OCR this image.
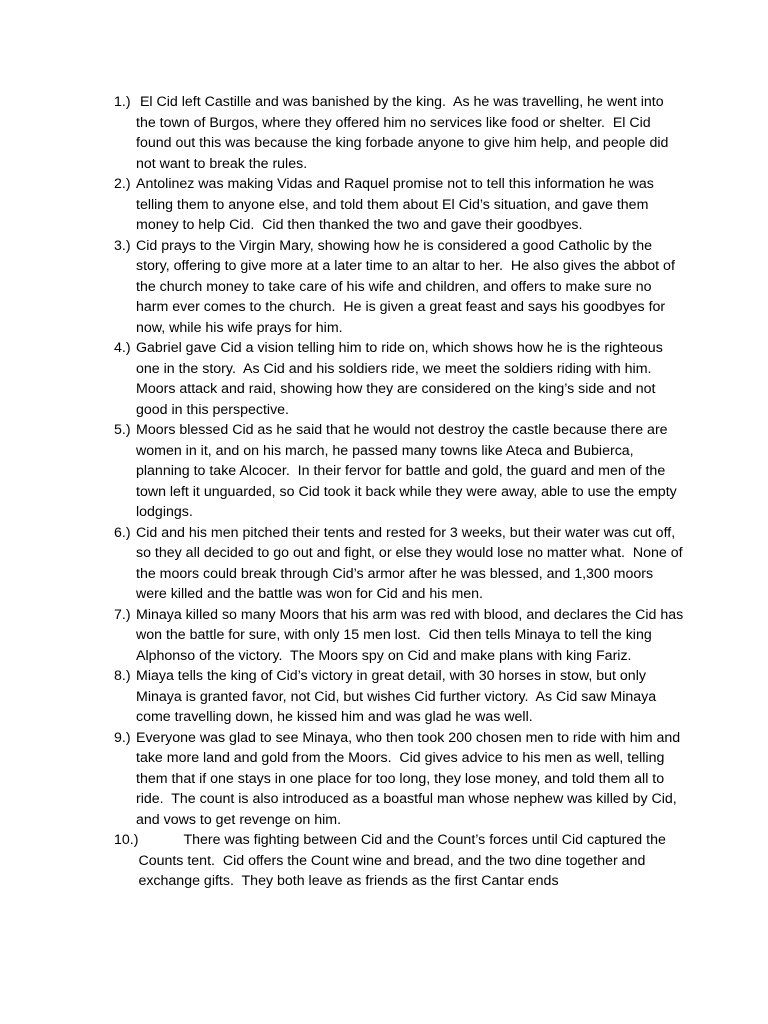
1.) El Cid left Castille and was banished by the king.  As he was travelling, he went into the town of Burgos, where they offered him no services like food or shelter.  El Cid found out this was because the king forbade anyone to give him help, and people did not want to break the rules.
2.) Antolinez was making Vidas and Raquel promise not to tell this information he was telling them to anyone else, and told them about El Cid’s situation, and gave them money to help Cid.  Cid then thanked the two and gave their goodbyes.
3.) Cid prays to the Virgin Mary, showing how he is considered a good Catholic by the story, offering to give more at a later time to an altar to her.  He also gives the abbot of the church money to take care of his wife and children, and offers to make sure no harm ever comes to the church.  He is given a great feast and says his goodbyes for now, while his wife prays for him.
4.) Gabriel gave Cid a vision telling him to ride on, which shows how he is the righteous one in the story.  As Cid and his soldiers ride, we meet the soldiers riding with him.  Moors attack and raid, showing how they are considered on the king’s side and not good in this perspective.
5.) Moors blessed Cid as he said that he would not destroy the castle because there are women in it, and on his march, he passed many towns like Ateca and Bubierca, planning to take Alcocer.  In their fervor for battle and gold, the guard and men of the town left it unguarded, so Cid took it back while they were away, able to use the empty lodgings.
6.) Cid and his men pitched their tents and rested for 3 weeks, but their water was cut off, so they all decided to go out and fight, or else they would lose no matter what.  None of the moors could break through Cid’s armor after he was blessed, and 1,300 moors were killed and the battle was won for Cid and his men.
7.) Minaya killed so many Moors that his arm was red with blood, and declares the Cid has won the battle for sure, with only 15 men lost.  Cid then tells Minaya to tell the king Alphonso of the victory.  The Moors spy on Cid and make plans with king Fariz.
8.) Miaya tells the king of Cid’s victory in great detail, with 30 horses in stow, but only Minaya is granted favor, not Cid, but wishes Cid further victory.  As Cid saw Minaya come travelling down, he kissed him and was glad he was well.
9.) Everyone was glad to see Minaya, who then took 200 chosen men to ride with him and take more land and gold from the Moors.  Cid gives advice to his men as well, telling them that if one stays in one place for too long, they lose money, and told them all to ride.  The count is also introduced as a boastful man whose nephew was killed by Cid, and vows to get revenge on him.
10.)	There was fighting between Cid and the Count’s forces until Cid captured the Counts tent.  Cid offers the Count wine and bread, and the two dine together and exchange gifts.  They both leave as friends as the first Cantar ends
